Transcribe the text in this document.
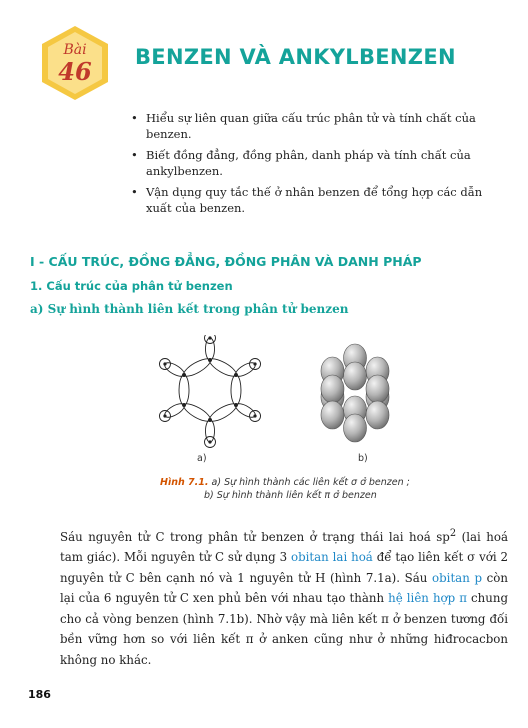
Bài
46	BENZEN VÀ ANKYLBENZEN
• Hiểu sự liên quan giữa cấu trúc phân tử và tính chất của benzen.
• Biết đồng đẳng, đồng phân, danh pháp và tính chất của ankylbenzen.
• Vận dụng quy tắc thế ở nhân benzen để tổng hợp các dẫn xuất của benzen.
I - CẤU TRÚC, ĐỒNG ĐẲNG, ĐỒNG PHÂN VÀ DANH PHÁP
1. Cấu trúc của phân tử benzen
a) Sự hình thành liên kết trong phân tử benzen
a)	b)
Hình 7.1. a) Sự hình thành các liên kết σ ở benzen ;
b) Sự hình thành liên kết π ở benzen

Sáu nguyên tử C trong phân tử benzen ở trạng thái lai hoá $sp^2$ (lai hoá tam giác). Mỗi nguyên tử C sử dụng 3 obitan lai hoá để tạo liên kết σ với 2 nguyên tử C bên cạnh nó và 1 nguyên tử H (hình 7.1a). Sáu obitan p còn lại của 6 nguyên tử C xen phủ bên với nhau tạo thành hệ liên hợp π chung cho cả vòng benzen (hình 7.1b). Nhờ vậy mà liên kết π ở benzen tương đối bền vững hơn so với liên kết π ở anken cũng như ở những hiđrocacbon không no khác.

186
